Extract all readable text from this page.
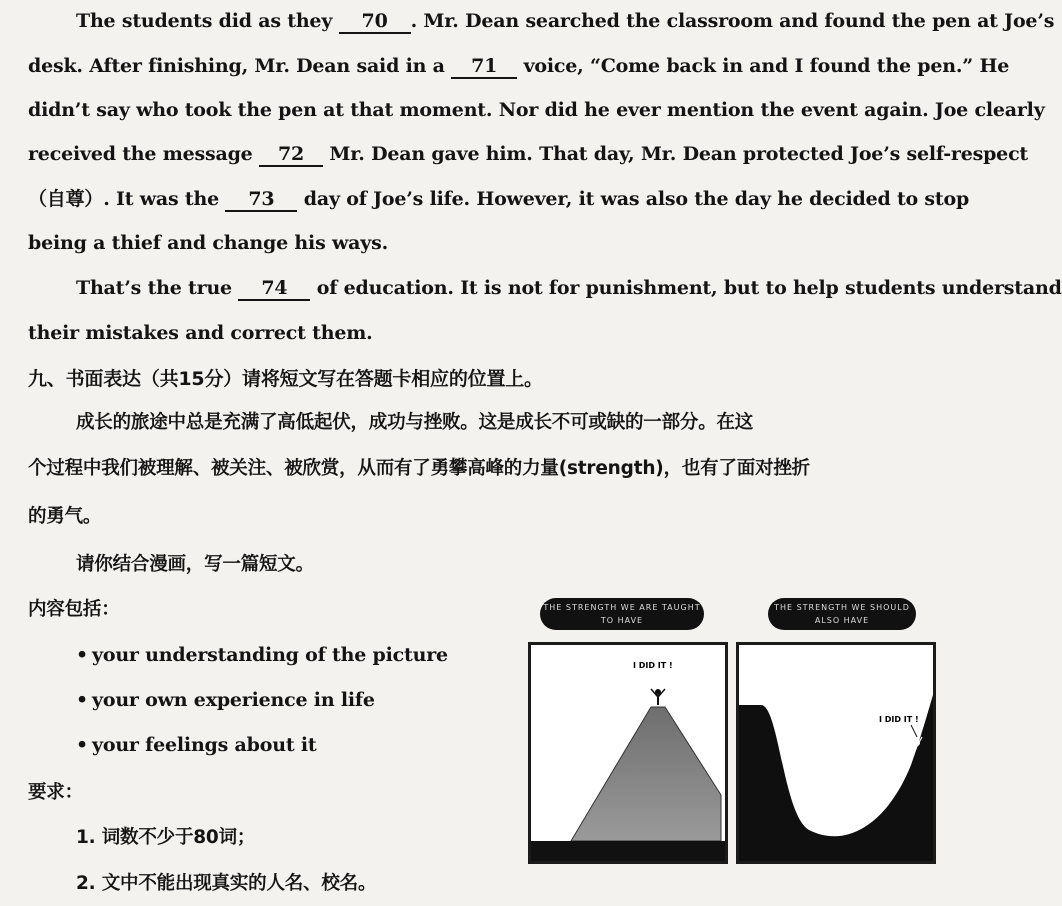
The students did as they 70 . Mr. Dean searched the classroom and found the pen at Joe’s
desk. After finishing, Mr. Dean said in a 71 voice, “Come back in and I found the pen.” He
didn’t say who took the pen at that moment. Nor did he ever mention the event again. Joe clearly
received the message 72 Mr. Dean gave him. That day, Mr. Dean protected Joe’s self-respect
（自尊）. It was the 73 day of Joe’s life. However, it was also the day he decided to stop
being a thief and change his ways.
That’s the true 74 of education. It is not for punishment, but to help students understand
their mistakes and correct them.
九、书面表达（共15分）请将短文写在答题卡相应的位置上。
成长的旅途中总是充满了高低起伏，成功与挫败。这是成长不可或缺的一部分。在这
个过程中我们被理解、被关注、被欣赏，从而有了勇攀高峰的力量(strength)，也有了面对挫折
的勇气。
请你结合漫画，写一篇短文。
内容包括：
• your understanding of the picture
• your own experience in life
• your feelings about it
要求：
1. 词数不少于80词；
2. 文中不能出现真实的人名、校名。
THE STRENGTH WE ARE TAUGHT TO HAVE
THE STRENGTH WE SHOULD ALSO HAVE
I DID IT !
I DID IT !
